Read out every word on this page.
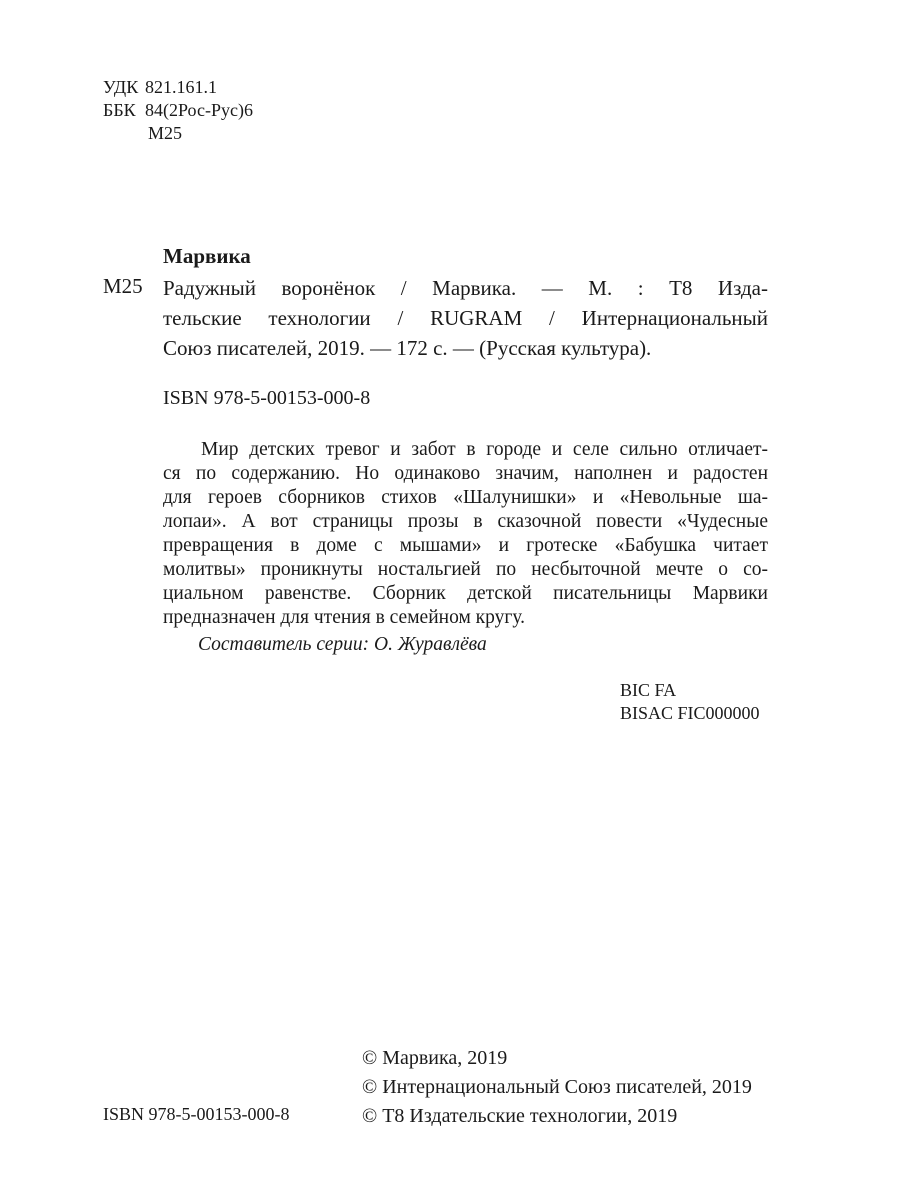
УДК 821.161.1
ББК 84(2Рос-Рус)6
М25
Марвика
М25 Радужный воронёнок / Марвика. — М. : Т8 Изда-
тельские технологии / RUGRAM / Интернациональный
Союз писателей, 2019. — 172 с. — (Русская культура).
ISBN 978-5-00153-000-8
Мир детских тревог и забот в городе и селе сильно отличает-
ся по содержанию. Но одинаково значим, наполнен и радостен
для героев сборников стихов «Шалунишки» и «Невольные ша-
лопаи». А вот страницы прозы в сказочной повести «Чудесные
превращения в доме с мышами» и гротеске «Бабушка читает
молитвы» проникнуты ностальгией по несбыточной мечте о со-
циальном равенстве. Сборник детской писательницы Марвики
предназначен для чтения в семейном кругу.
Составитель серии: О. Журавлёва
BIC FA
BISAC FIC000000
© Марвика, 2019
© Интернациональный Союз писателей, 2019
© Т8 Издательские технологии, 2019
ISBN 978-5-00153-000-8
